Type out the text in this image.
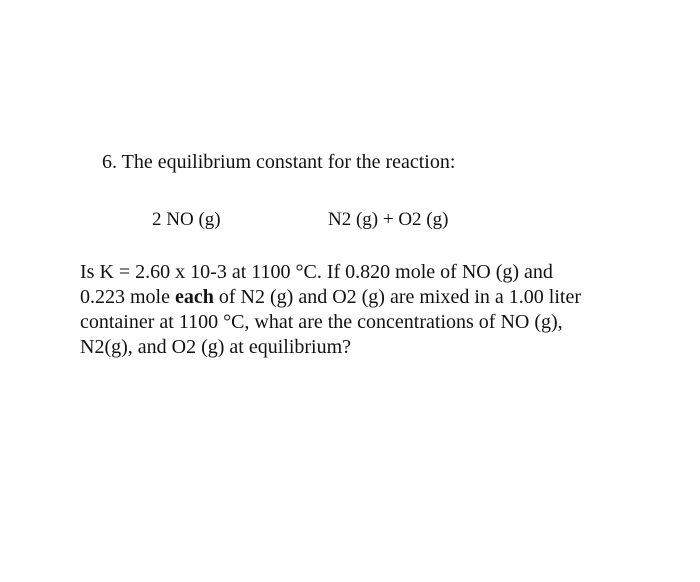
6. The equilibrium constant for the reaction:
2 NO (g)	N2 (g) + O2 (g)
Is K = 2.60 x 10-3 at 1100 °C. If 0.820 mole of NO (g) and
0.223 mole each of N2 (g) and O2 (g) are mixed in a 1.00 liter
container at 1100 °C, what are the concentrations of NO (g),
N2(g), and O2 (g) at equilibrium?
